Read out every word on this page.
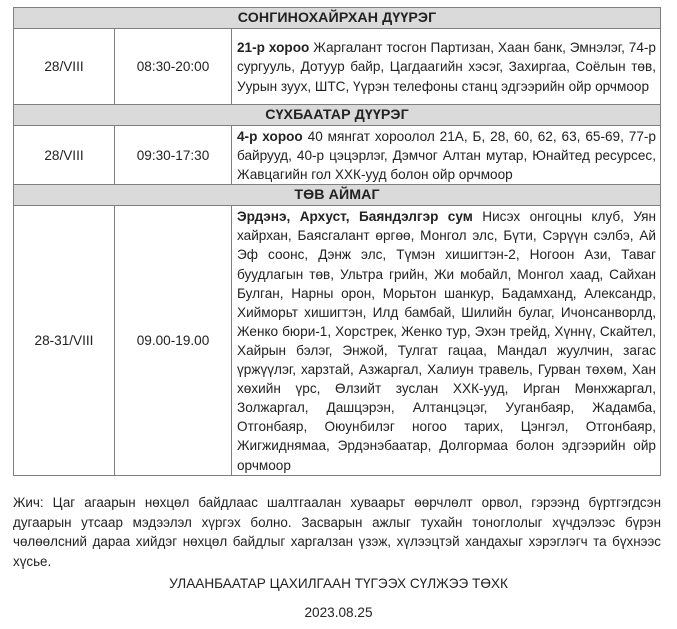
СОНГИНОХАЙРХАН ДҮҮРЭГ		
28/VIII	08:30-20:00	21-р хороо Жаргалант тосгон Партизан, Хаан банк, Эмнэлэг, 74-р сургууль, Дотуур байр, Цагдаагийн хэсэг, Захиргаа, Соёлын төв, Уурын зуух, ШТС, Үүрэн телефоны станц эдгээрийн ойр орчмоор
СҮХБААТАР ДҮҮРЭГ		
28/VIII	09:30-17:30	4-р хороо 40 мянгат хороолол 21А, Б, 28, 60, 62, 63, 65-69, 77-р байрууд, 40-р цэцэрлэг, Дэмчог Алтан мутар, Юнайтед ресурсес, Жавцагийн гол ХХК-ууд болон ойр орчмоор
ТӨВ АЙМАГ		
28-31/VIII	09.00-19.00	Эрдэнэ, Архуст, Баяндэлгэр сум Нисэх онгоцны клуб, Уян хайрхан, Баясгалант өргөө, Монгол элс, Бүти, Сэрүүн сэлбэ, Ай Эф соонс, Дэнж элс, Түмэн хишигтэн-2, Ногоон Ази, Таваг буудлагын төв, Ультра грийн, Жи мобайл, Монгол хаад, Сайхан Булган, Нарны орон, Морьтон шанкур, Бадамханд, Александр, Хийморьт хишигтэн, Илд бамбай, Шилийн булаг, Ичонсанворлд, Женко бюри-1, Хорстрек, Женко тур, Эхэн трейд, Хүннү, Скайтел, Хайрын бэлэг, Энжой, Тулгат гацаа, Мандал жуулчин, загас үржүүлэг, харзтай, Азжаргал, Халиун травель, Гурван төхөм, Хан хөхийн үрс, Өлзийт зуслан ХХК-ууд, Ирган Мөнхжаргал, Золжаргал, Дашцэрэн, Алтанцэцэг, Ууганбаяр, Жадамба, Отгонбаяр, Оюунбилэг ногоо тарих, Цэнгэл, Отгонбаяр, Жигжиднямаа, Эрдэнэбаатар, Долгормаа болон эдгээрийн ойр орчмоор
Жич: Цаг агаарын нөхцөл байдлаас шалтгаалан хуваарьт өөрчлөлт орвол, гэрээнд бүртгэгдсэн дугаарын утсаар мэдээлэл хүргэх болно. Засварын ажлыг тухайн тоноглолыг хүчдэлээс бүрэн чөлөөлсний дараа хийдэг нөхцөл байдлыг харгалзан үзэж, хүлээцтэй хандахыг хэрэглэгч та бүхнээс хүсье.
УЛААНБААТАР ЦАХИЛГААН ТҮГЭЭХ СҮЛЖЭЭ ТӨХК
2023.08.25
